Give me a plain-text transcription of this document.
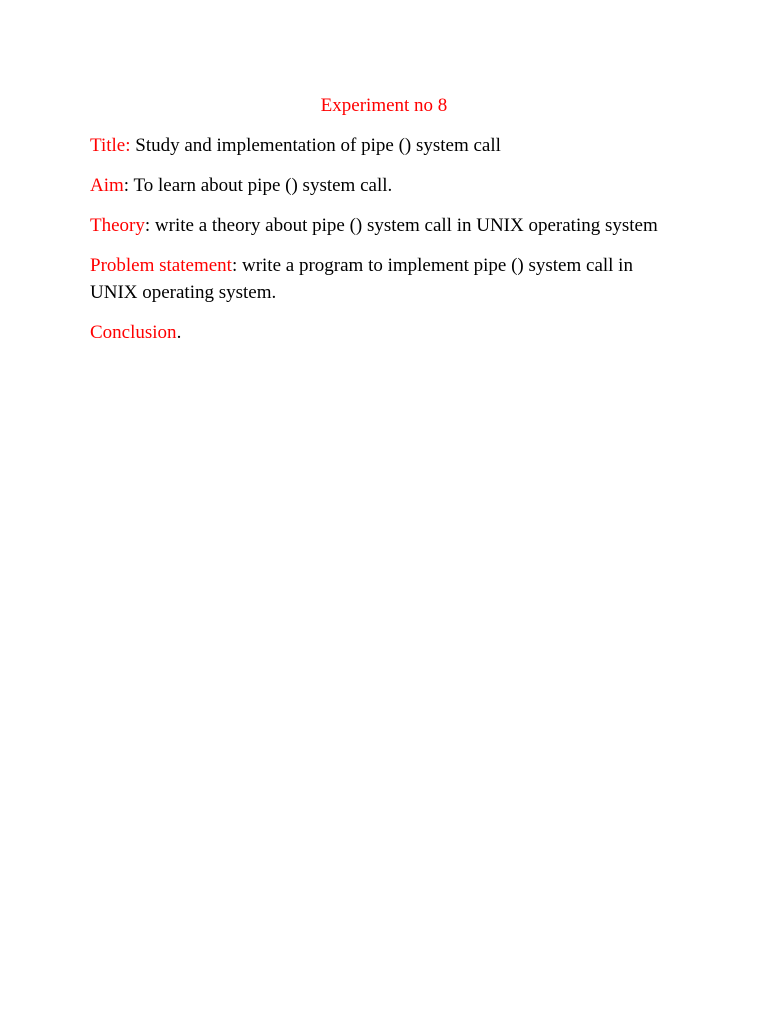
Experiment no 8

Title: Study and implementation of pipe () system call

Aim: To learn about pipe () system call.

Theory: write a theory about pipe () system call in UNIX operating system

Problem statement: write a program to implement pipe () system call in UNIX operating system.

Conclusion.
